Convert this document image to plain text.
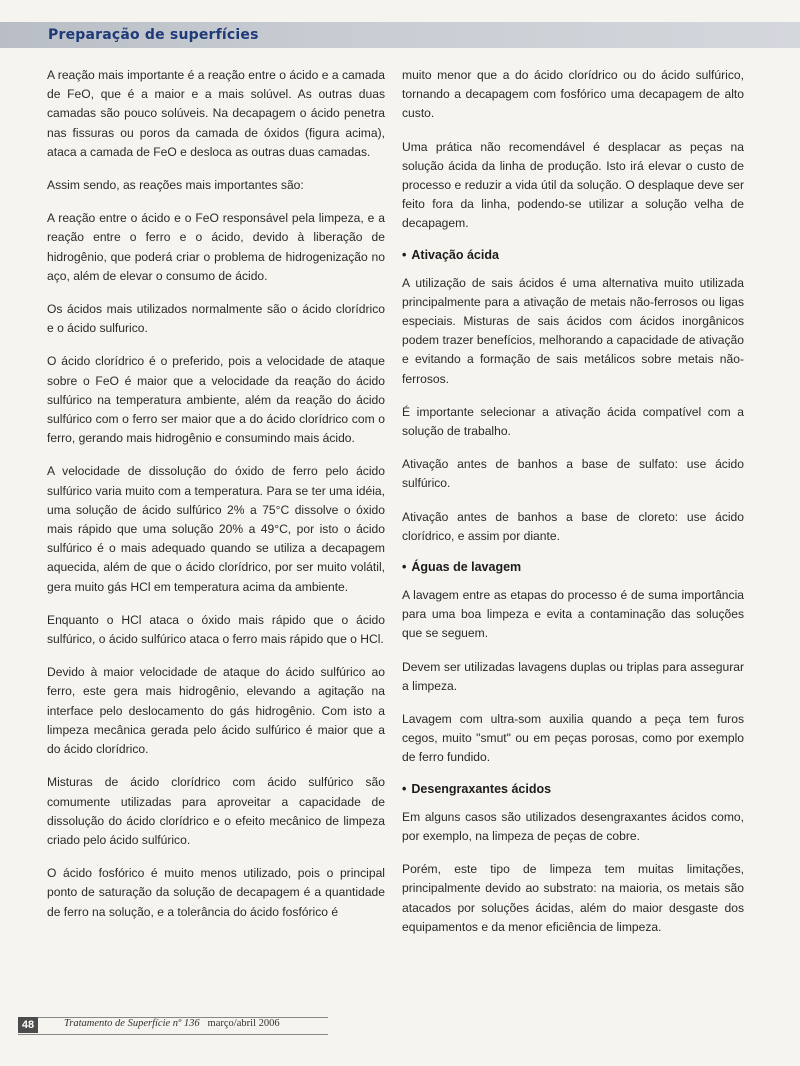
Preparação de superfícies

A reação mais importante é a reação entre o ácido e a camada de FeO, que é a maior e a mais solúvel. As outras duas camadas são pouco solúveis. Na decapagem o ácido penetra nas fissuras ou poros da camada de óxidos (figura acima), ataca a camada de FeO e desloca as outras duas camadas.

Assim sendo, as reações mais importantes são:

A reação entre o ácido e o FeO responsável pela limpeza, e a reação entre o ferro e o ácido, devido à liberação de hidrogênio, que poderá criar o problema de hidrogenização no aço, além de elevar o consumo de ácido.

Os ácidos mais utilizados normalmente são o ácido clorídrico e o ácido sulfurico.

O ácido clorídrico é o preferido, pois a velocidade de ataque sobre o FeO é maior que a velocidade da reação do ácido sulfúrico na temperatura ambiente, além da reação do ácido sulfúrico com o ferro ser maior que a do ácido clorídrico com o ferro, gerando mais hidrogênio e consumindo mais ácido.

A velocidade de dissolução do óxido de ferro pelo ácido sulfúrico varia muito com a temperatura. Para se ter uma idéia, uma solução de ácido sulfúrico 2% a 75°C dissolve o óxido mais rápido que uma solução 20% a 49°C, por isto o ácido sulfúrico é o mais adequado quando se utiliza a decapagem aquecida, além de que o ácido clorídrico, por ser muito volátil, gera muito gás HCl em temperatura acima da ambiente.

Enquanto o HCl ataca o óxido mais rápido que o ácido sulfúrico, o ácido sulfúrico ataca o ferro mais rápido que o HCl.

Devido à maior velocidade de ataque do ácido sulfúrico ao ferro, este gera mais hidrogênio, elevando a agitação na interface pelo deslocamento do gás hidrogênio. Com isto a limpeza mecânica gerada pelo ácido sulfúrico é maior que a do ácido clorídrico.

Misturas de ácido clorídrico com ácido sulfúrico são comumente utilizadas para aproveitar a capacidade de dissolução do ácido clorídrico e o efeito mecânico de limpeza criado pelo ácido sulfúrico.

O ácido fosfórico é muito menos utilizado, pois o principal ponto de saturação da solução de decapagem é a quantidade de ferro na solução, e a tolerância do ácido fosfórico é

muito menor que a do ácido clorídrico ou do ácido sulfúrico, tornando a decapagem com fosfórico uma decapagem de alto custo.

Uma prática não recomendável é desplacar as peças na solução ácida da linha de produção. Isto irá elevar o custo de processo e reduzir a vida útil da solução. O desplaque deve ser feito fora da linha, podendo-se utilizar a solução velha de decapagem.

• Ativação ácida

A utilização de sais ácidos é uma alternativa muito utilizada principalmente para a ativação de metais não-ferrosos ou ligas especiais. Misturas de sais ácidos com ácidos inorgânicos podem trazer benefícios, melhorando a capacidade de ativação e evitando a formação de sais metálicos sobre metais não-ferrosos.

É importante selecionar a ativação ácida compatível com a solução de trabalho.

Ativação antes de banhos a base de sulfato: use ácido sulfúrico.

Ativação antes de banhos a base de cloreto: use ácido clorídrico, e assim por diante.

• Águas de lavagem

A lavagem entre as etapas do processo é de suma importância para uma boa limpeza e evita a contaminação das soluções que se seguem.

Devem ser utilizadas lavagens duplas ou triplas para assegurar a limpeza.

Lavagem com ultra-som auxilia quando a peça tem furos cegos, muito "smut" ou em peças porosas, como por exemplo de ferro fundido.

• Desengraxantes ácidos

Em alguns casos são utilizados desengraxantes ácidos como, por exemplo, na limpeza de peças de cobre.

Porém, este tipo de limpeza tem muitas limitações, principalmente devido ao substrato: na maioria, os metais são atacados por soluções ácidas, além do maior desgaste dos equipamentos e da menor eficiência de limpeza.

48	Tratamento de Superfície nº 136 março/abril 2006
